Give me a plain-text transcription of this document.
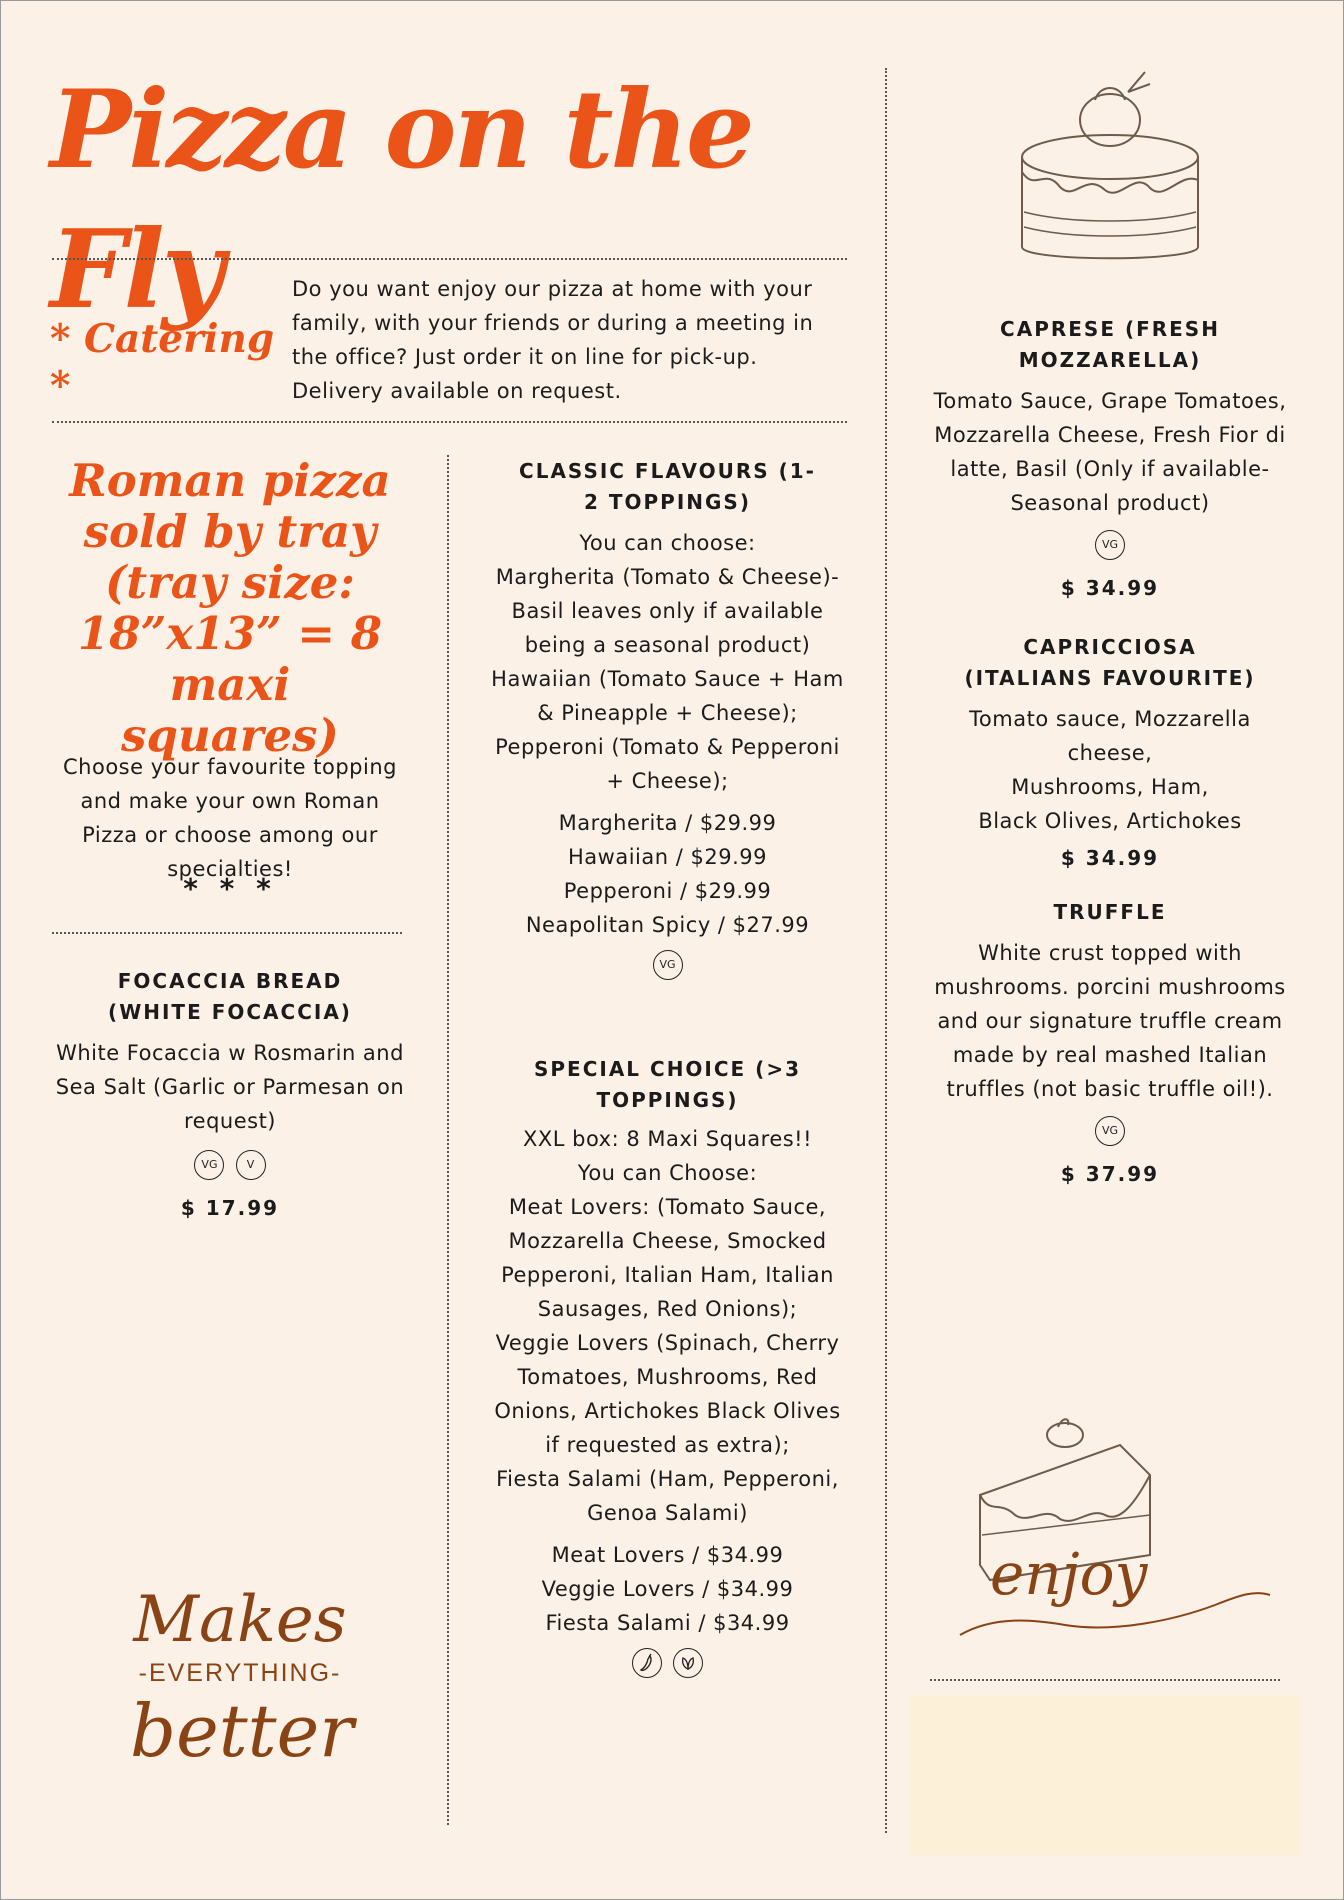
Pizza on the Fly
* Catering *
Do you want enjoy our pizza at home with your family, with your friends or during a meeting in the office? Just order it on line for pick-up. Delivery available on request.
Roman pizza sold by tray (tray size: 18”x13” = 8 maxi squares)
Choose your favourite topping and make your own Roman Pizza or choose among our specialties!
* * *
FOCACCIA BREAD (WHITE FOCACCIA)
White Focaccia w Rosmarin and Sea Salt (Garlic or Parmesan on request)
VG	V
$ 17.99
CLASSIC FLAVOURS (1-2 TOPPINGS)
You can choose:
Margherita (Tomato & Cheese)- Basil leaves only if available being a seasonal product)
Hawaiian (Tomato Sauce + Ham & Pineapple + Cheese);
Pepperoni (Tomato & Pepperoni + Cheese);
Margherita / $29.99
Hawaiian / $29.99
Pepperoni / $29.99
Neapolitan Spicy / $27.99
VG
SPECIAL CHOICE (>3 TOPPINGS)
XXL box: 8 Maxi Squares!!
You can Choose:
Meat Lovers: (Tomato Sauce, Mozzarella Cheese, Smocked Pepperoni, Italian Ham, Italian Sausages, Red Onions);
Veggie Lovers (Spinach, Cherry Tomatoes, Mushrooms, Red Onions, Artichokes Black Olives if requested as extra);
Fiesta Salami (Ham, Pepperoni, Genoa Salami)
Meat Lovers / $34.99
Veggie Lovers / $34.99
Fiesta Salami / $34.99

CAPRESE (FRESH MOZZARELLA)
Tomato Sauce, Grape Tomatoes, Mozzarella Cheese, Fresh Fior di latte, Basil (Only if available- Seasonal product)
VG
$ 34.99
CAPRICCIOSA (ITALIANS FAVOURITE)
Tomato sauce, Mozzarella cheese,
Mushrooms, Ham,
Black Olives, Artichokes
$ 34.99
TRUFFLE
White crust topped with mushrooms. porcini mushrooms and our signature truffle cream made by real mashed Italian truffles (not basic truffle oil!).
VG
$ 37.99
Makes
-EVERYTHING-
better
enjoy
